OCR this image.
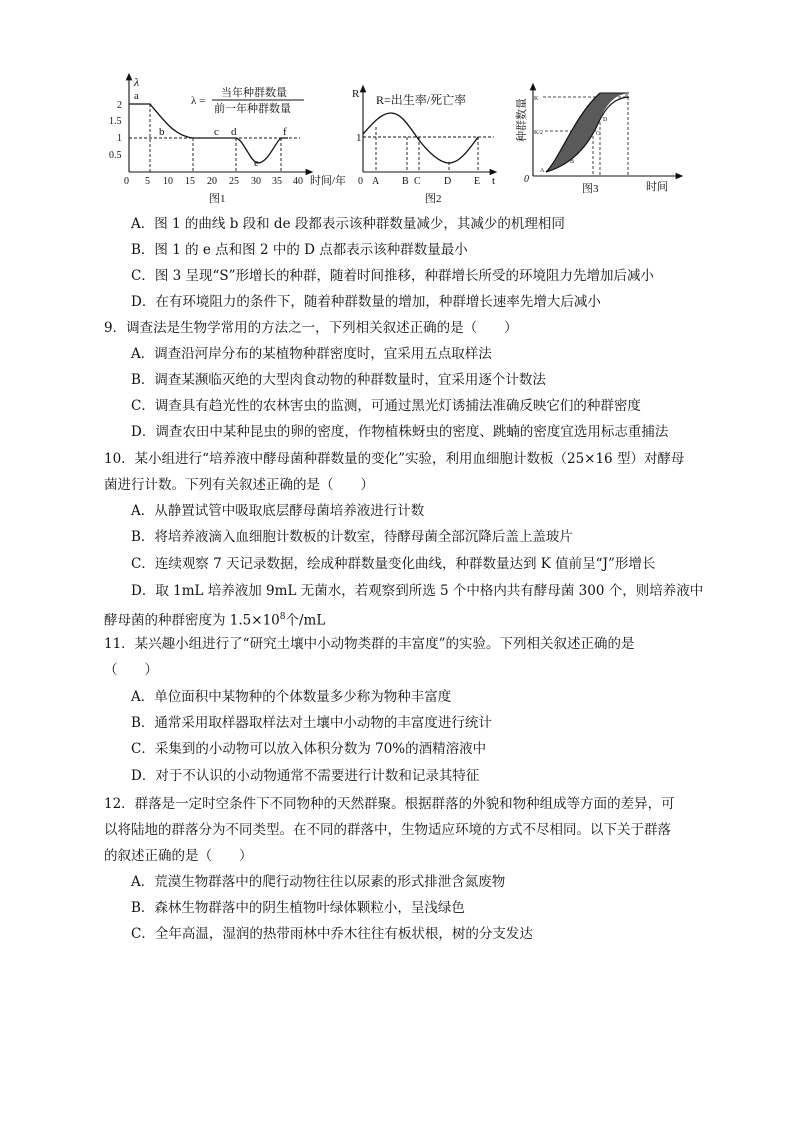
λ
2
1.5
1
0.5
0 5 10 15 20 25 30 35 40 时间/年
a
b	c d
e
f
λ =
当年种群数量
前一年种群数量
图1
R
1
R=出生率/死亡率
0 A B C D E t
图2
种群数量
0
K
K/2
A
B
C
D
E
时间
图3
A．图 1 的曲线 b 段和 de 段都表示该种群数量减少，其减少的机理相同
B．图 1 的 e 点和图 2 中的 D 点都表示该种群数量最小
C．图 3 呈现“S”形增长的种群，随着时间推移，种群增长所受的环境阻力先增加后减小
D．在有环境阻力的条件下，随着种群数量的增加，种群增长速率先增大后减小
9．调查法是生物学常用的方法之一，下列相关叙述正确的是（　　）
A．调查沿河岸分布的某植物种群密度时，宜采用五点取样法
B．调查某濒临灭绝的大型肉食动物的种群数量时，宜采用逐个计数法
C．调查具有趋光性的农林害虫的监测，可通过黑光灯诱捕法准确反映它们的种群密度
D．调查农田中某种昆虫的卵的密度，作物植株蚜虫的密度、跳蝻的密度宜选用标志重捕法
10．某小组进行“培养液中酵母菌种群数量的变化”实验，利用血细胞计数板（25×16 型）对酵母
菌进行计数。下列有关叙述正确的是（　　）
A．从静置试管中吸取底层酵母菌培养液进行计数
B．将培养液滴入血细胞计数板的计数室，待酵母菌全部沉降后盖上盖玻片
C．连续观察 7 天记录数据，绘成种群数量变化曲线，种群数量达到 K 值前呈“J”形增长
D．取 1mL 培养液加 9mL 无菌水，若观察到所选 5 个中格内共有酵母菌 300 个，则培养液中
酵母菌的种群密度为 $1.5\times 10^8$个/mL
11．某兴趣小组进行了“研究土壤中小动物类群的丰富度”的实验。下列相关叙述正确的是
（　　）
A．单位面积中某物种的个体数量多少称为物种丰富度
B．通常采用取样器取样法对土壤中小动物的丰富度进行统计
C．采集到的小动物可以放入体积分数为 70%的酒精溶液中
D．对于不认识的小动物通常不需要进行计数和记录其特征
12．群落是一定时空条件下不同物种的天然群聚。根据群落的外貌和物种组成等方面的差异，可
以将陆地的群落分为不同类型。在不同的群落中，生物适应环境的方式不尽相同。以下关于群落
的叙述正确的是（　　）
A．荒漠生物群落中的爬行动物往往以尿素的形式排泄含氮废物
B．森林生物群落中的阴生植物叶绿体颗粒小，呈浅绿色
C．全年高温，湿润的热带雨林中乔木往往有板状根，树的分支发达
